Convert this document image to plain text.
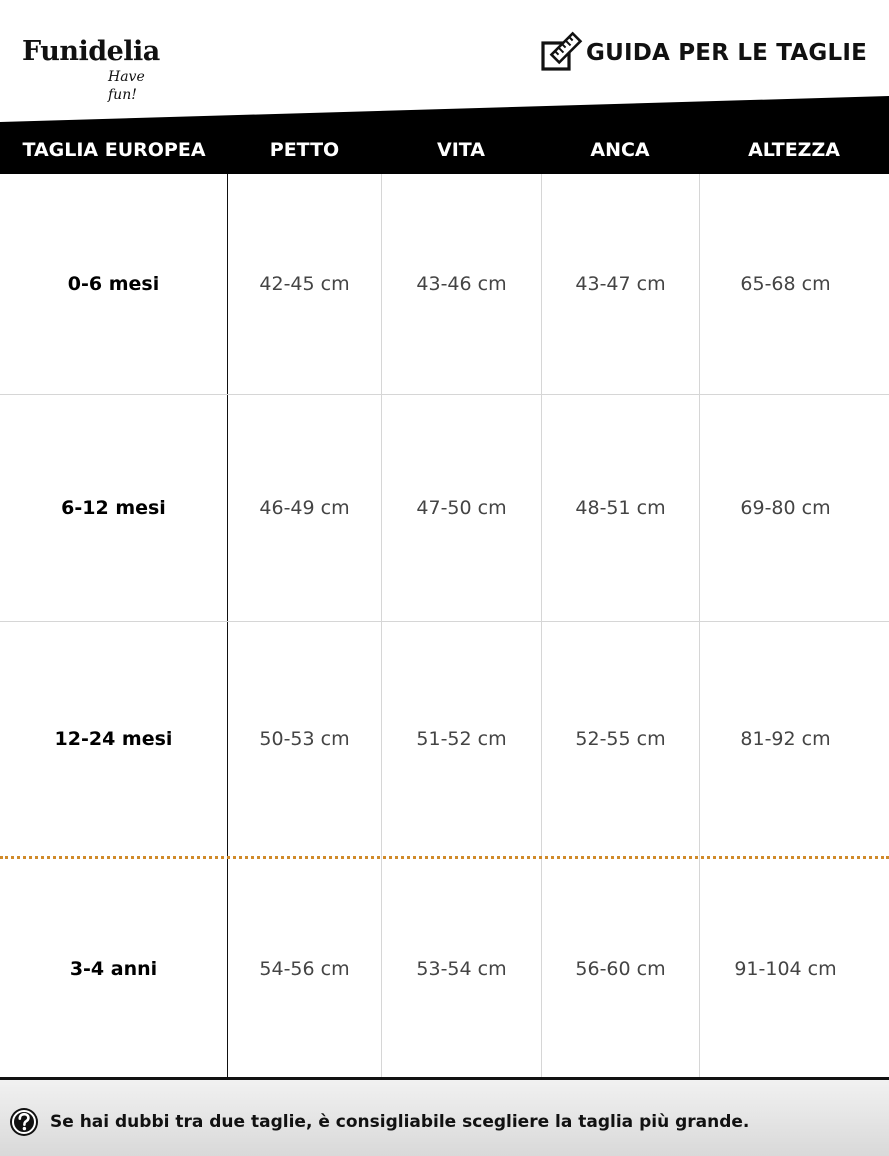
Funidelia
Have fun!
GUIDA PER LE TAGLIE
TAGLIA EUROPEA	PETTO	VITA	ANCA	ALTEZZA
0-6 mesi	42-45 cm	43-46 cm	43-47 cm	65-68 cm
6-12 mesi	46-49 cm	47-50 cm	48-51 cm	69-80 cm
12-24 mesi	50-53 cm	51-52 cm	52-55 cm	81-92 cm
3-4 anni	54-56 cm	53-54 cm	56-60 cm	91-104 cm
Se hai dubbi tra due taglie, è consigliabile scegliere la taglia più grande.
